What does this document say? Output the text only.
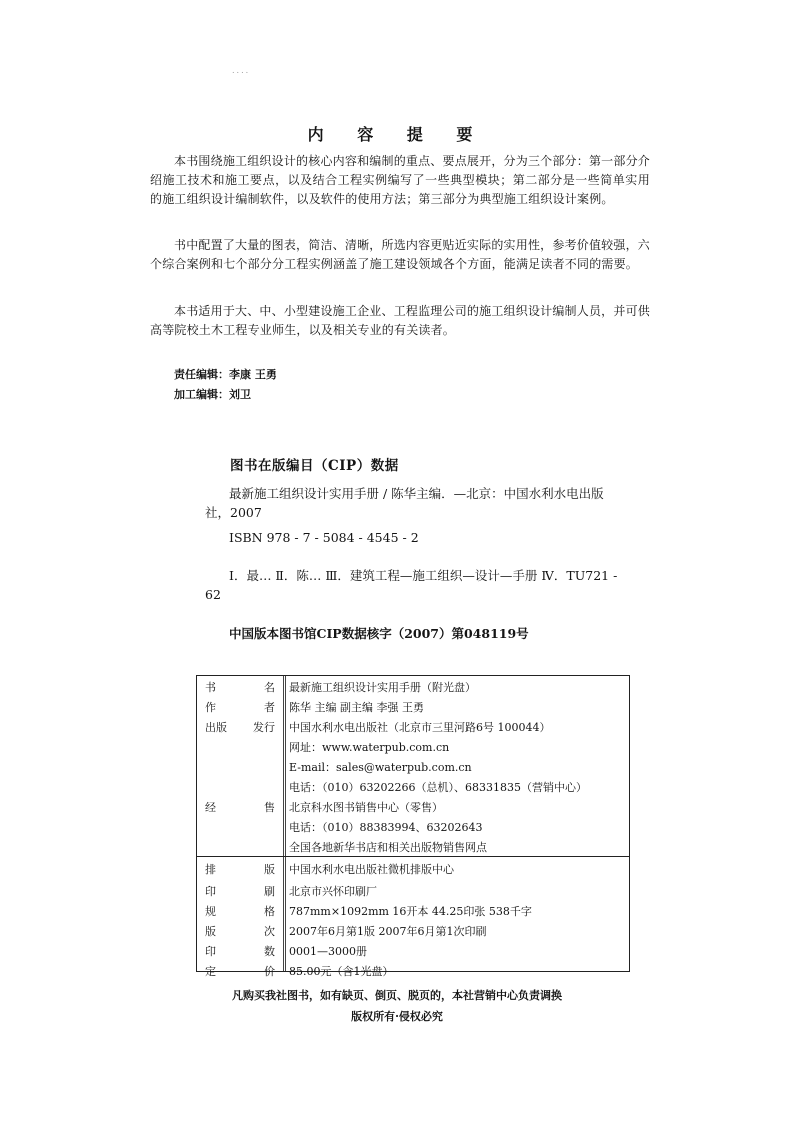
....
内 容 提 要
本书围绕施工组织设计的核心内容和编制的重点、要点展开，分为三个部分：第一部分介绍施工技术和施工要点，以及结合工程实例编写了一些典型模块；第二部分是一些简单实用的施工组织设计编制软件，以及软件的使用方法；第三部分为典型施工组织设计案例。
书中配置了大量的图表，简洁、清晰，所选内容更贴近实际的实用性，参考价值较强，六个综合案例和七个部分分工程实例涵盖了施工建设领域各个方面，能满足读者不同的需要。
本书适用于大、中、小型建设施工企业、工程监理公司的施工组织设计编制人员，并可供高等院校土木工程专业师生，以及相关专业的有关读者。
责任编辑：李康 王勇
加工编辑：刘卫
图书在版编目（CIP）数据
最新施工组织设计实用手册 / 陈华主编．—北京：中国水利水电出版社，2007
ISBN 978 - 7 - 5084 - 4545 - 2
Ⅰ．最… Ⅱ．陈… Ⅲ．建筑工程—施工组织—设计—手册 Ⅳ．TU721 - 62
中国版本图书馆CIP数据核字（2007）第048119号
书	名 最新施工组织设计实用手册（附光盘）
作	者 陈华 主编 副主编 李强 王勇
出版 发行 中国水利水电出版社（北京市三里河路6号 100044）
网址：www.waterpub.com.cn
E-mail：sales@waterpub.com.cn
电话：（010）63202266（总机）、68331835（营销中心）
经	售 北京科水图书销售中心（零售）
电话：（010）88383994、63202643
全国各地新华书店和相关出版物销售网点
排	版 中国水利水电出版社微机排版中心
印	刷 北京市兴怀印刷厂
规	格 787mm×1092mm 16开本 44.25印张 538千字
版	次 2007年6月第1版 2007年6月第1次印刷
印	数 0001—3000册
定	价 85.00元（含1光盘）
凡购买我社图书，如有缺页、倒页、脱页的，本社营销中心负责调换
版权所有·侵权必究
